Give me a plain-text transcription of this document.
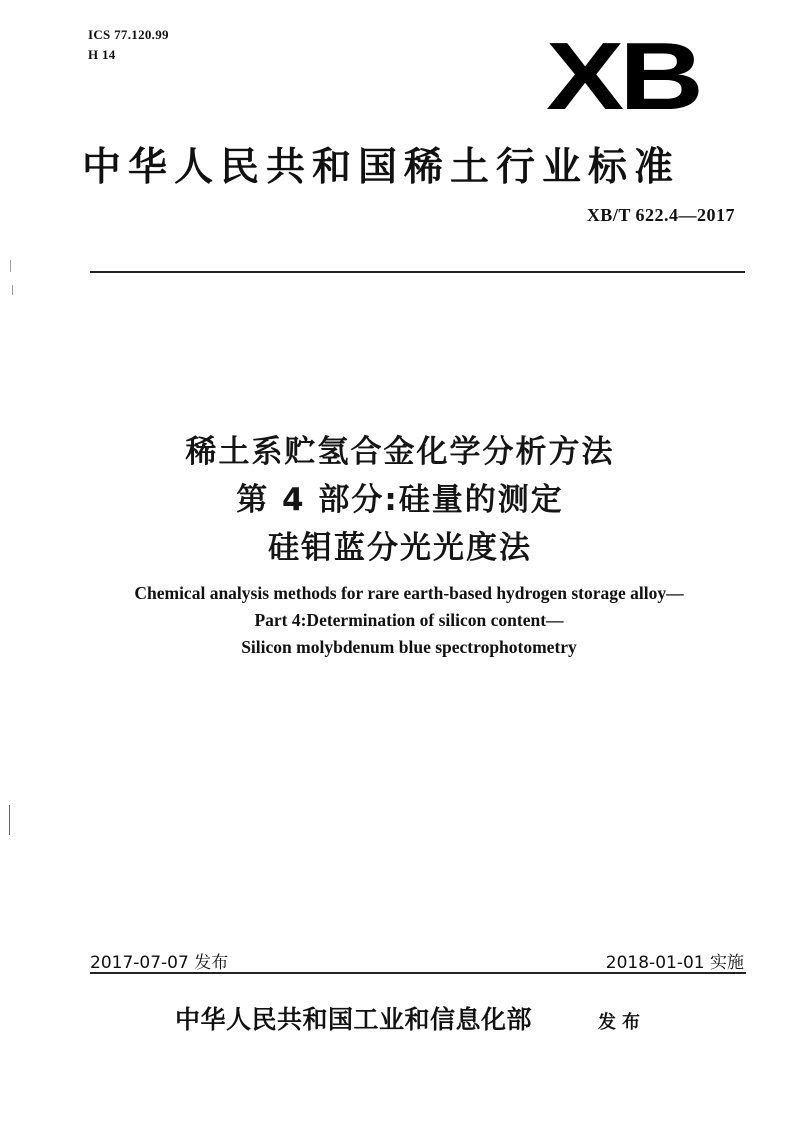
ICS 77.120.99
H 14	XB
中华人民共和国稀土行业标准
XB/T 622.4—2017
稀土系贮氢合金化学分析方法
第 4 部分:硅量的测定
硅钼蓝分光光度法
Chemical analysis methods for rare earth-based hydrogen storage alloy—
Part 4:Determination of silicon content—
Silicon molybdenum blue spectrophotometry
2017-07-07 发布	2018-01-01 实施
中华人民共和国工业和信息化部	发布
